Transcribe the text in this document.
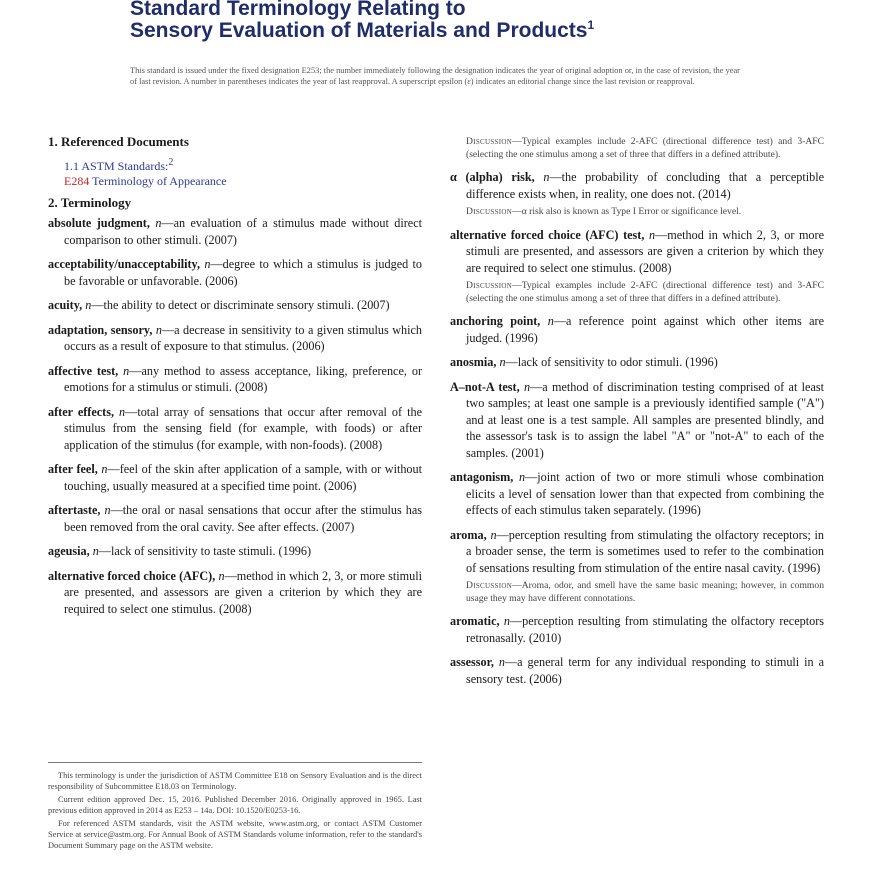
Standard Terminology Relating to
Sensory Evaluation of Materials and Products$^1$
This standard is issued under the fixed designation E253; the number immediately following the designation indicates the year of original adoption or, in the case of revision, the year of last revision. A number in parentheses indicates the year of last reapproval. A superscript epsilon (ε) indicates an editorial change since the last revision or reapproval.
1. Referenced Documents
1.1 ASTM Standards:$^2$
E284 Terminology of Appearance
2. Terminology
absolute judgment, n—an evaluation of a stimulus made without direct comparison to other stimuli. (2007)
acceptability/unacceptability, n—degree to which a stimulus is judged to be favorable or unfavorable. (2006)
acuity, n—the ability to detect or discriminate sensory stimuli. (2007)
adaptation, sensory, n—a decrease in sensitivity to a given stimulus which occurs as a result of exposure to that stimulus. (2006)
affective test, n—any method to assess acceptance, liking, preference, or emotions for a stimulus or stimuli. (2008)
after effects, n—total array of sensations that occur after removal of the stimulus from the sensing field (for example, with foods) or after application of the stimulus (for example, with non-foods). (2008)
after feel, n—feel of the skin after application of a sample, with or without touching, usually measured at a specified time point. (2006)
aftertaste, n—the oral or nasal sensations that occur after the stimulus has been removed from the oral cavity. See after effects. (2007)
ageusia, n—lack of sensitivity to taste stimuli. (1996)
alternative forced choice (AFC), n—method in which 2, 3, or more stimuli are presented, and assessors are given a criterion by which they are required to select one stimulus. (2008)
Discussion—Typical examples include 2-AFC (directional difference test) and 3-AFC (selecting the one stimulus among a set of three that differs in a defined attribute).
α (alpha) risk, n—the probability of concluding that a perceptible difference exists when, in reality, one does not. (2014)
Discussion—α risk also is known as Type I Error or significance level.
alternative forced choice (AFC) test, n—method in which 2, 3, or more stimuli are presented, and assessors are given a criterion by which they are required to select one stimulus. (2008)
Discussion—Typical examples include 2-AFC (directional difference test) and 3-AFC (selecting the one stimulus among a set of three that differs in a defined attribute).
anchoring point, n—a reference point against which other items are judged. (1996)
anosmia, n—lack of sensitivity to odor stimuli. (1996)
A–not-A test, n—a method of discrimination testing comprised of at least two samples; at least one sample is a previously identified sample ("A") and at least one is a test sample. All samples are presented blindly, and the assessor's task is to assign the label "A" or "not-A" to each of the samples. (2001)
antagonism, n—joint action of two or more stimuli whose combination elicits a level of sensation lower than that expected from combining the effects of each stimulus taken separately. (1996)
aroma, n—perception resulting from stimulating the olfactory receptors; in a broader sense, the term is sometimes used to refer to the combination of sensations resulting from stimulation of the entire nasal cavity. (1996)
Discussion—Aroma, odor, and smell have the same basic meaning; however, in common usage they may have different connotations.
aromatic, n—perception resulting from stimulating the olfactory receptors retronasally. (2010)
assessor, n—a general term for any individual responding to stimuli in a sensory test. (2006)

This terminology is under the jurisdiction of ASTM Committee E18 on Sensory Evaluation and is the direct responsibility of Subcommittee E18.03 on Terminology.

Current edition approved Dec. 15, 2016. Published December 2016. Originally approved in 1965. Last previous edition approved in 2014 as E253 – 14a. DOI: 10.1520/E0253-16.

For referenced ASTM standards, visit the ASTM website, www.astm.org, or contact ASTM Customer Service at service@astm.org. For Annual Book of ASTM Standards volume information, refer to the standard's Document Summary page on the ASTM website.
